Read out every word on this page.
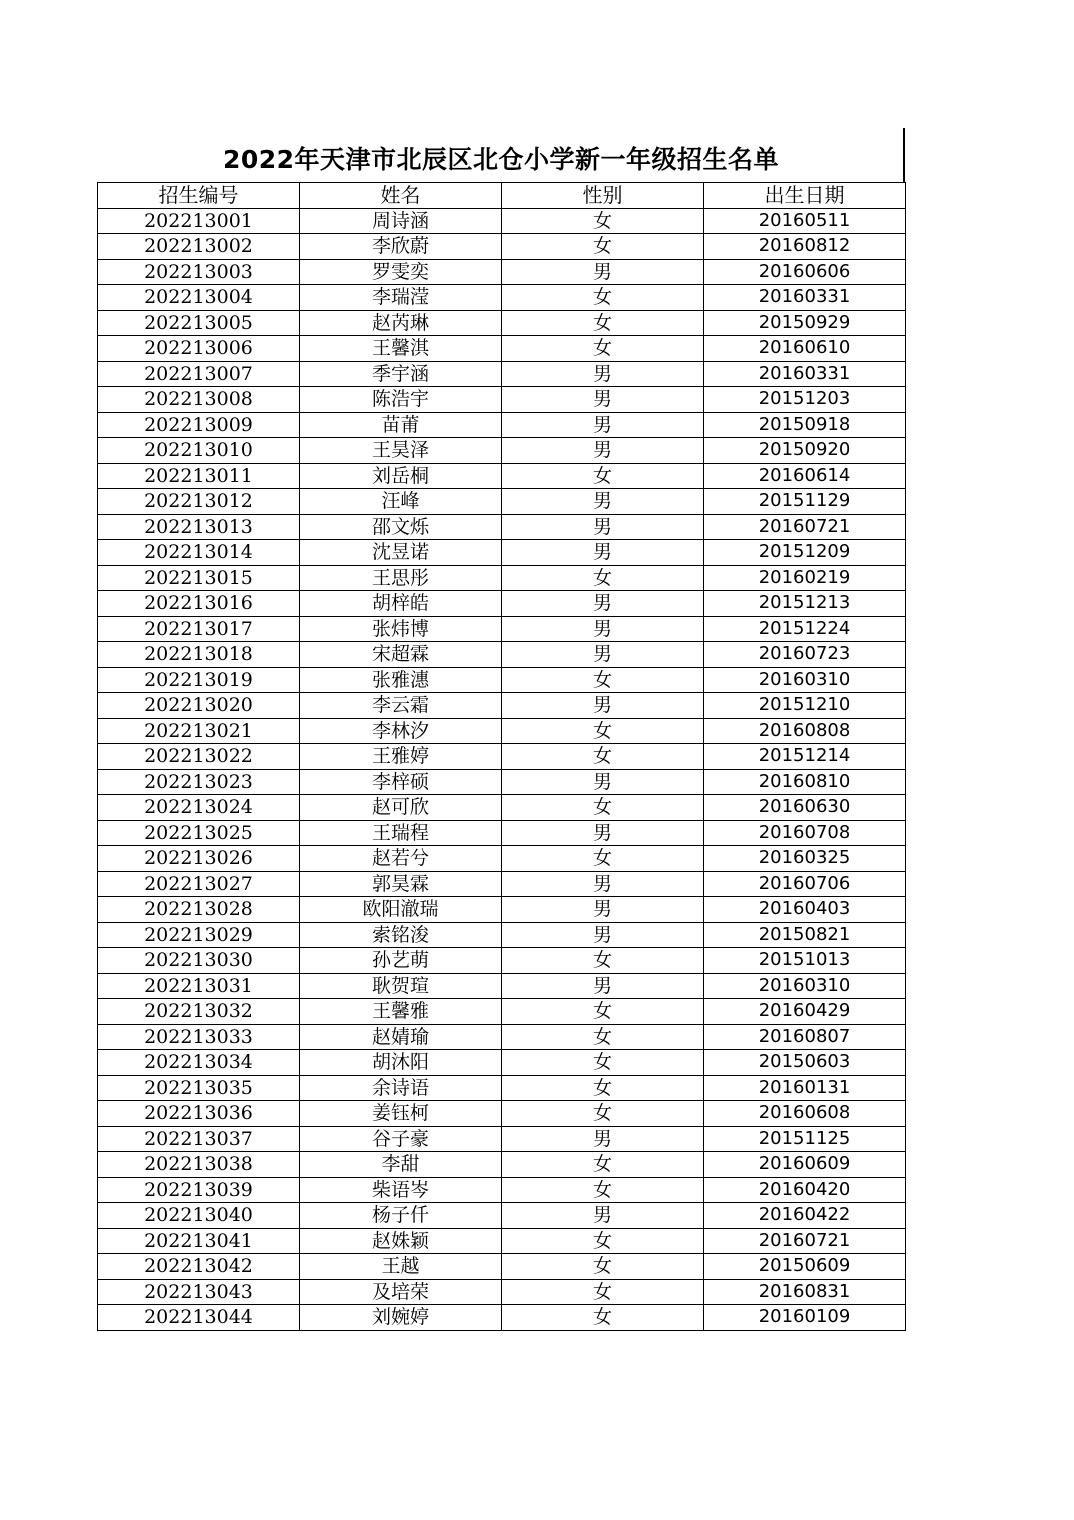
2022年天津市北辰区北仓小学新一年级招生名单
招生编号	姓名	性别	出生日期
202213001	周诗涵	女	20160511
202213002	李欣蔚	女	20160812
202213003	罗雯奕	男	20160606
202213004	李瑞滢	女	20160331
202213005	赵芮琳	女	20150929
202213006	王馨淇	女	20160610
202213007	季宇涵	男	20160331
202213008	陈浩宇	男	20151203
202213009	苗莆	男	20150918
202213010	王昊泽	男	20150920
202213011	刘岳桐	女	20160614
202213012	汪峰	男	20151129
202213013	邵文烁	男	20160721
202213014	沈昱诺	男	20151209
202213015	王思彤	女	20160219
202213016	胡梓皓	男	20151213
202213017	张炜博	男	20151224
202213018	宋超霖	男	20160723
202213019	张雅潓	女	20160310
202213020	李云霜	男	20151210
202213021	李林汐	女	20160808
202213022	王雅婷	女	20151214
202213023	李梓硕	男	20160810
202213024	赵可欣	女	20160630
202213025	王瑞程	男	20160708
202213026	赵若兮	女	20160325
202213027	郭昊霖	男	20160706
202213028	欧阳澈瑞	男	20160403
202213029	索铭浚	男	20150821
202213030	孙艺萌	女	20151013
202213031	耿贺瑄	男	20160310
202213032	王馨雅	女	20160429
202213033	赵婧瑜	女	20160807
202213034	胡沐阳	女	20150603
202213035	余诗语	女	20160131
202213036	姜钰柯	女	20160608
202213037	谷子豪	男	20151125
202213038	李甜	女	20160609
202213039	柴语岑	女	20160420
202213040	杨子仟	男	20160422
202213041	赵姝颖	女	20160721
202213042	王越	女	20150609
202213043	及培荣	女	20160831
202213044	刘婉婷	女	20160109
